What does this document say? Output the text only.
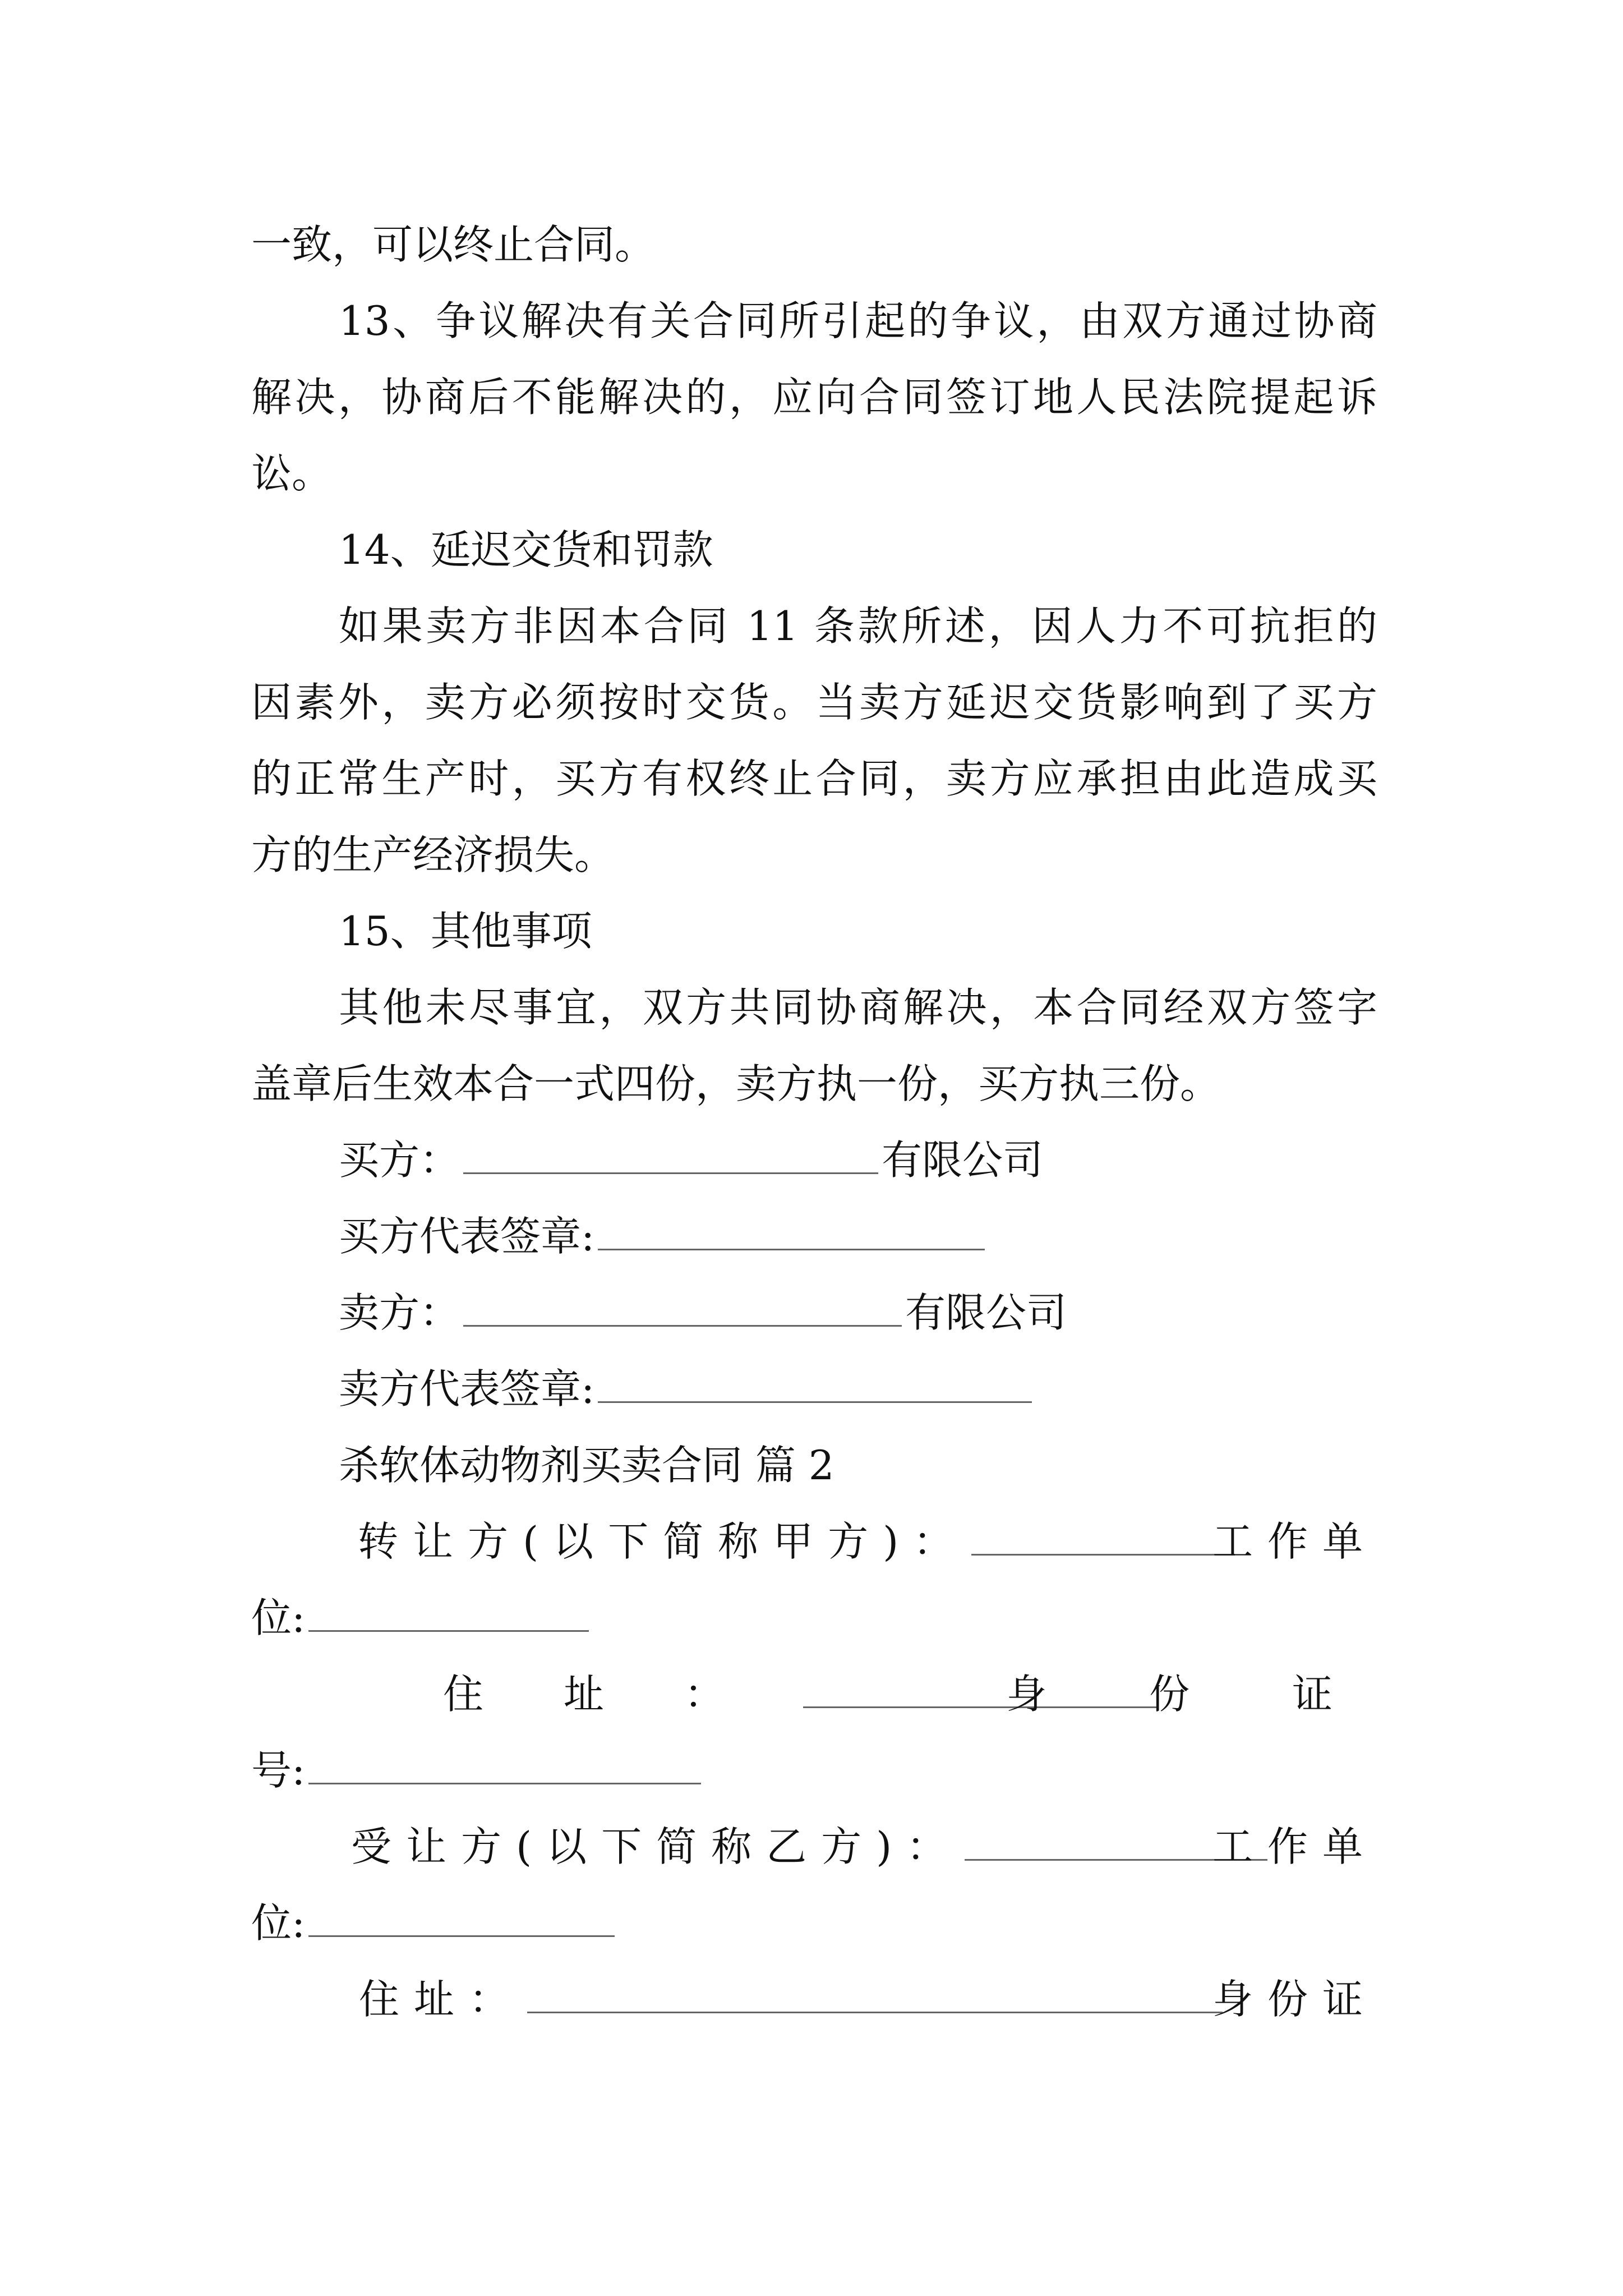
一致，可以终止合同。
13、争议解决有关合同所引起的争议，由双方通过协商
解决，协商后不能解决的，应向合同签订地人民法院提起诉
讼。
14、延迟交货和罚款
如果卖方非因本合同 11 条款所述，因人力不可抗拒的
因素外，卖方必须按时交货。当卖方延迟交货影响到了买方
的正常生产时，买方有权终止合同，卖方应承担由此造成买
方的生产经济损失。
15、其他事项
其他未尽事宜，双方共同协商解决，本合同经双方签字
盖章后生效本合一式四份，卖方执一份，买方执三份。
买方：	有限公司
买方代表签章:
卖方：	有限公司
卖方代表签章:
杀软体动物剂买卖合同 篇 2
转让方(以下简称甲方)：	工作单
位:
住 址 ：	身 份 证
号:
受让方(以下简称乙方)：	工作单
位:
住址：	身份证
